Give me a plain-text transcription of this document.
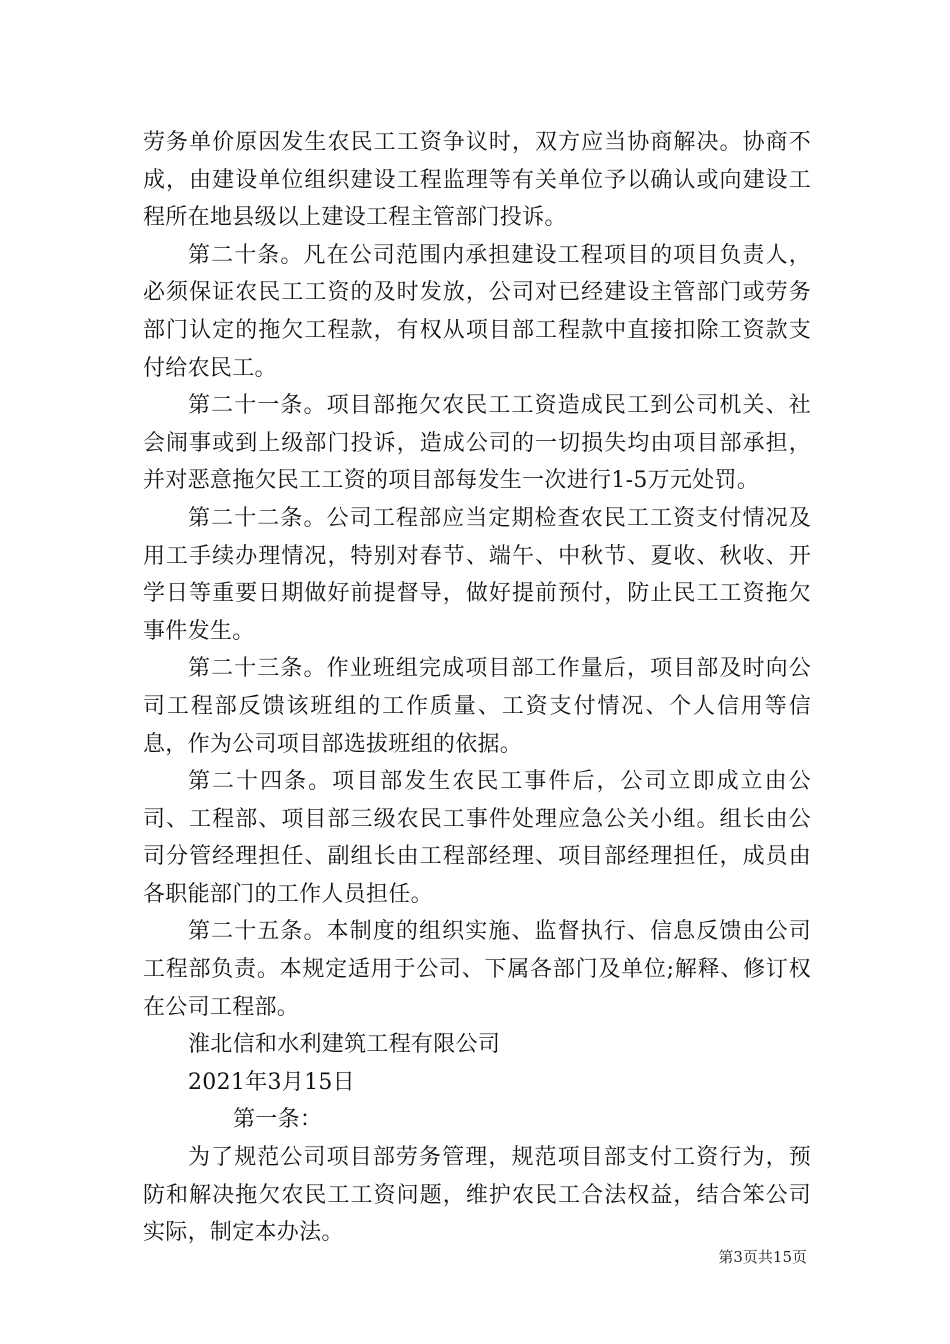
劳务单价原因发生农民工工资争议时，双方应当协商解决。协商不成，由建设单位组织建设工程监理等有关单位予以确认或向建设工程所在地县级以上建设工程主管部门投诉。

第二十条。凡在公司范围内承担建设工程项目的项目负责人，必须保证农民工工资的及时发放，公司对已经建设主管部门或劳务部门认定的拖欠工程款，有权从项目部工程款中直接扣除工资款支付给农民工。

第二十一条。项目部拖欠农民工工资造成民工到公司机关、社会闹事或到上级部门投诉，造成公司的一切损失均由项目部承担，并对恶意拖欠民工工资的项目部每发生一次进行1-5万元处罚。

第二十二条。公司工程部应当定期检查农民工工资支付情况及用工手续办理情况，特别对春节、端午、中秋节、夏收、秋收、开学日等重要日期做好前提督导，做好提前预付，防止民工工资拖欠事件发生。

第二十三条。作业班组完成项目部工作量后，项目部及时向公司工程部反馈该班组的工作质量、工资支付情况、个人信用等信息，作为公司项目部选拔班组的依据。

第二十四条。项目部发生农民工事件后，公司立即成立由公司、工程部、项目部三级农民工事件处理应急公关小组。组长由公司分管经理担任、副组长由工程部经理、项目部经理担任，成员由各职能部门的工作人员担任。

第二十五条。本制度的组织实施、监督执行、信息反馈由公司工程部负责。本规定适用于公司、下属各部门及单位;解释、修订权在公司工程部。

淮北信和水利建筑工程有限公司

2021年3月15日

第一条：

为了规范公司项目部劳务管理，规范项目部支付工资行为，预防和解决拖欠农民工工资问题，维护农民工合法权益，结合笨公司实际，制定本办法。

第3页共15页
